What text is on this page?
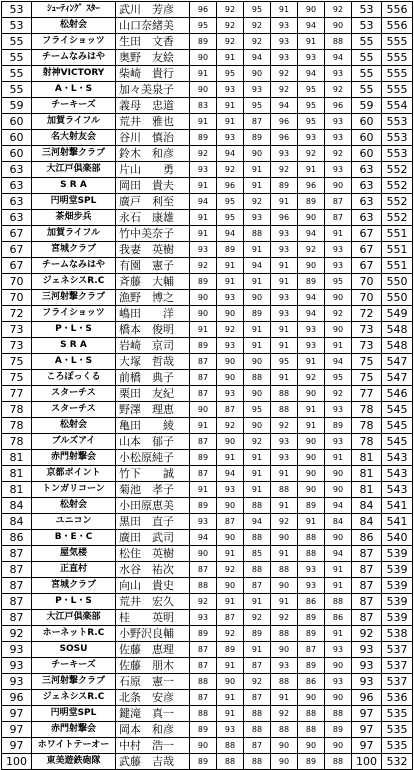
53	ｼｭｰﾃｨﾝｸﾞ ｽﾀｰ	武川　芳彦	96	92	95	91	90	92	53	556
53	松射会	山口奈緒美	95	92	92	93	94	90	53	556
55	フライショッツ	生田　文香	89	92	92	93	91	88	55	555
55	チームなみはや	奥野　友絵	90	91	94	93	93	94	55	555
55	射神VICTORY	柴崎　貴行	91	95	90	92	94	93	55	555
55	A・L・S	加々美泉子	90	93	93	92	95	92	55	555
59	チーキーズ	義母　忠道	83	91	95	94	95	96	59	554
60	加賀ライフル	荒井　雅也	91	91	87	96	95	93	60	553
60	名大射友会	谷川　慎治	89	93	89	96	93	93	60	553
60	三河射撃クラブ	鈴木　和彦	92	94	90	93	92	92	60	553
63	大江戸倶楽部	片山　　勇	93	92	91	92	91	93	63	552
63	S R A	岡田　貴夫	91	96	91	89	96	90	63	552
63	円明堂SPL	廣戸　利至	94	95	92	91	89	87	63	552
63	茶畑步兵	永石　康雄	91	95	93	96	90	87	63	552
67	加賀ライフル	竹中美奈子	91	94	88	93	94	91	67	551
67	宮城クラブ	我妻　英樹	93	89	91	93	92	93	67	551
67	チームなみはや	有園　憲子	92	91	94	91	90	93	67	551
70	ジェネシスR.C	斉藤　大輔	89	91	91	91	89	95	70	550
70	三河射撃クラブ	漁野　博之	90	93	90	93	94	90	70	550
72	フライショッツ	嶋田　　洋	90	90	89	93	94	92	72	549
73	P・L・S	橋本　俊明	91	92	91	91	93	90	73	548
73	S R A	岩崎　京司	89	93	91	91	93	91	73	548
75	A・L・S	大塚　哲哉	87	90	90	95	91	94	75	547
75	ころぽっくる	前橋　典子	87	90	88	91	92	95	75	547
77	スターチス	栗田　友紀	87	93	90	88	90	92	77	546
78	スターチス	野澤　理恵	90	87	95	88	91	93	78	545
78	松射会	亀田　　綾	91	92	90	92	91	89	78	545
78	ブルズアイ	山本　郁子	87	90	92	93	90	93	78	545
81	赤門射撃会	小松原純子	89	91	91	93	90	91	81	543
81	京都ポイント	竹下　　誠	87	94	91	91	90	90	81	543
81	トンガリコーン	菊池　孝子	91	93	91	88	90	90	81	543
84	松射会	小田原恵美	89	90	88	91	89	94	84	541
84	ユニコン	黒田　直子	93	87	94	92	91	84	84	541
86	B・E・C	廣田　武司	94	90	88	90	88	90	86	540
87	屋気楼	松住　英樹	90	91	85	91	88	94	87	539
87	正直村	水谷　祐次	87	92	88	88	93	91	87	539
87	宮城クラブ	向山　貴史	88	90	87	90	93	91	87	539
87	P・L・S	荒井　宏久	92	91	91	91	86	88	87	539
87	大江戸倶楽部	桂　　英明	93	87	92	92	89	86	87	539
92	ホーネットR.C	小野沢良輔	89	92	89	88	89	91	92	538
93	SOSU	佐藤　恵理	87	89	91	90	87	93	93	537
93	チーキーズ	佐藤　朋木	87	91	87	93	89	90	93	537
93	三河射撃クラブ	石原　憲一	88	90	92	88	86	93	93	537
96	ジェネシスR.C	北条　安彦	87	91	87	91	90	90	96	536
97	円明堂SPL	鍵滝　真一	88	91	88	92	88	88	97	535
97	赤門射撃会	岡本　和彦	89	93	88	88	88	89	97	535
97	ホワイトテーオー	中村　浩一	90	88	87	90	90	90	97	535
100	東美遊鉄砲隊	武藤　吉哉	89	88	88	90	89	88	100	532
